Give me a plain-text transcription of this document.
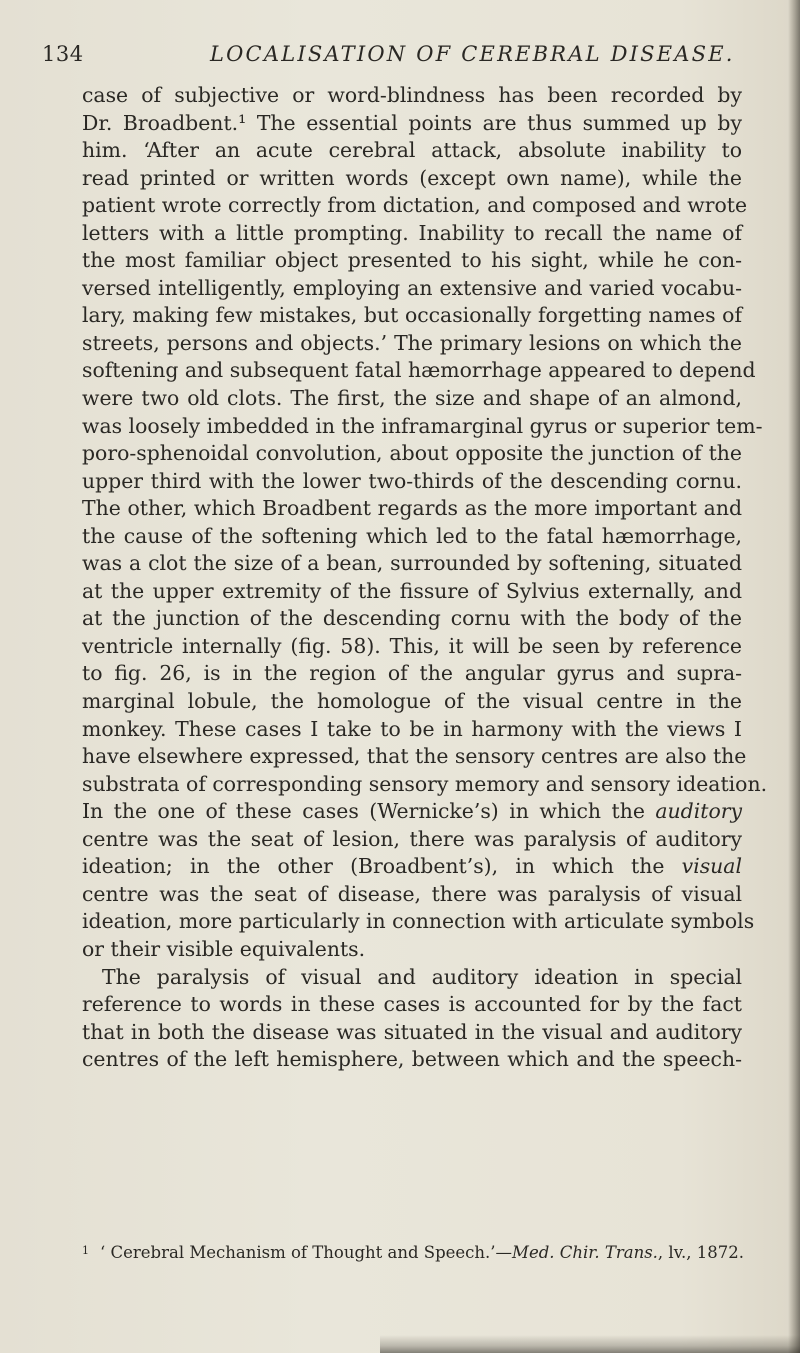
134	LOCALISATION OF CEREBRAL DISEASE.
case of subjective or word-blindness has been recorded by
Dr. Broadbent.¹ The essential points are thus summed up by
him. ‘After an acute cerebral attack, absolute inability to
read printed or written words (except own name), while the
patient wrote correctly from dictation, and composed and wrote
letters with a little prompting. Inability to recall the name of
the most familiar object presented to his sight, while he con-
versed intelligently, employing an extensive and varied vocabu-
lary, making few mistakes, but occasionally forgetting names of
streets, persons and objects.’ The primary lesions on which the
softening and subsequent fatal hæmorrhage appeared to depend
were two old clots. The first, the size and shape of an almond,
was loosely imbedded in the inframarginal gyrus or superior tem-
poro-sphenoidal convolution, about opposite the junction of the
upper third with the lower two-thirds of the descending cornu.
The other, which Broadbent regards as the more important and
the cause of the softening which led to the fatal hæmorrhage,
was a clot the size of a bean, surrounded by softening, situated
at the upper extremity of the fissure of Sylvius externally, and
at the junction of the descending cornu with the body of the
ventricle internally (fig. 58). This, it will be seen by reference
to fig. 26, is in the region of the angular gyrus and supra-
marginal lobule, the homologue of the visual centre in the
monkey. These cases I take to be in harmony with the views I
have elsewhere expressed, that the sensory centres are also the
substrata of corresponding sensory memory and sensory ideation.
In the one of these cases (Wernicke’s) in which the auditory
centre was the seat of lesion, there was paralysis of auditory
ideation; in the other (Broadbent’s), in which the visual
centre was the seat of disease, there was paralysis of visual
ideation, more particularly in connection with articulate symbols
or their visible equivalents.
The paralysis of visual and auditory ideation in special
reference to words in these cases is accounted for by the fact
that in both the disease was situated in the visual and auditory
centres of the left hemisphere, between which and the speech-
1 ‘ Cerebral Mechanism of Thought and Speech.’—Med. Chir. Trans., lv., 1872.
